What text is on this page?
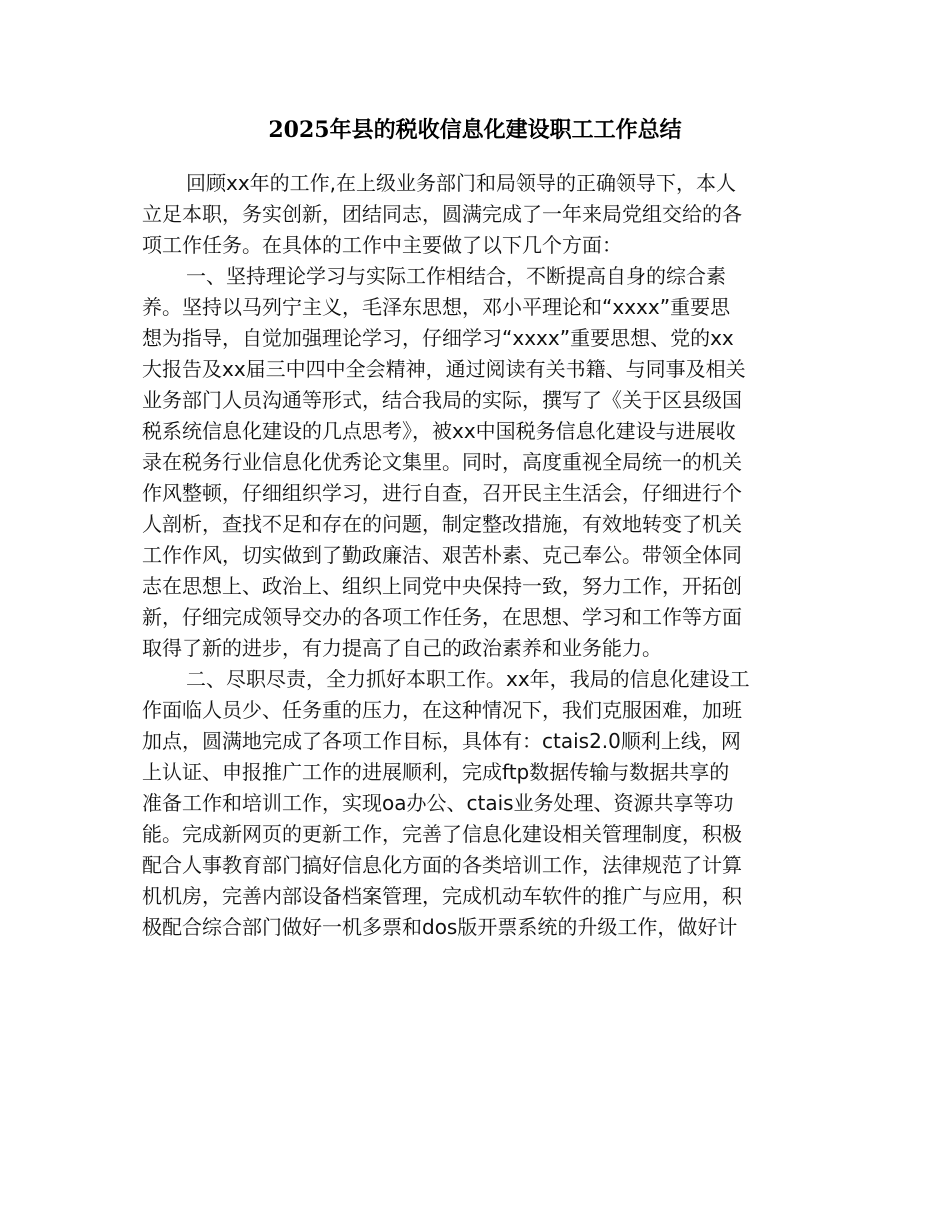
2025年县的税收信息化建设职工工作总结
回顾xx年的工作,在上级业务部门和局领导的正确领导下，本人
立足本职，务实创新，团结同志，圆满完成了一年来局党组交给的各
项工作任务。在具体的工作中主要做了以下几个方面：
一、坚持理论学习与实际工作相结合，不断提高自身的综合素
养。坚持以马列宁主义，毛泽东思想，邓小平理论和“xxxx”重要思
想为指导，自觉加强理论学习，仔细学习“xxxx”重要思想、党的xx
大报告及xx届三中四中全会精神，通过阅读有关书籍、与同事及相关
业务部门人员沟通等形式，结合我局的实际，撰写了《关于区县级国
税系统信息化建设的几点思考》，被xx中国税务信息化建设与进展收
录在税务行业信息化优秀论文集里。同时，高度重视全局统一的机关
作风整顿，仔细组织学习，进行自查，召开民主生活会，仔细进行个
人剖析，查找不足和存在的问题，制定整改措施，有效地转变了机关
工作作风，切实做到了勤政廉洁、艰苦朴素、克己奉公。带领全体同
志在思想上、政治上、组织上同党中央保持一致，努力工作，开拓创
新，仔细完成领导交办的各项工作任务，在思想、学习和工作等方面
取得了新的进步，有力提高了自己的政治素养和业务能力。
二、尽职尽责，全力抓好本职工作。xx年，我局的信息化建设工
作面临人员少、任务重的压力，在这种情况下，我们克服困难，加班
加点，圆满地完成了各项工作目标，具体有：ctais2.0顺利上线，网
上认证、申报推广工作的进展顺利，完成ftp数据传输与数据共享的
准备工作和培训工作，实现oa办公、ctais业务处理、资源共享等功
能。完成新网页的更新工作，完善了信息化建设相关管理制度，积极
配合人事教育部门搞好信息化方面的各类培训工作，法律规范了计算
机机房，完善内部设备档案管理，完成机动车软件的推广与应用，积
极配合综合部门做好一机多票和dos版开票系统的升级工作，做好计
